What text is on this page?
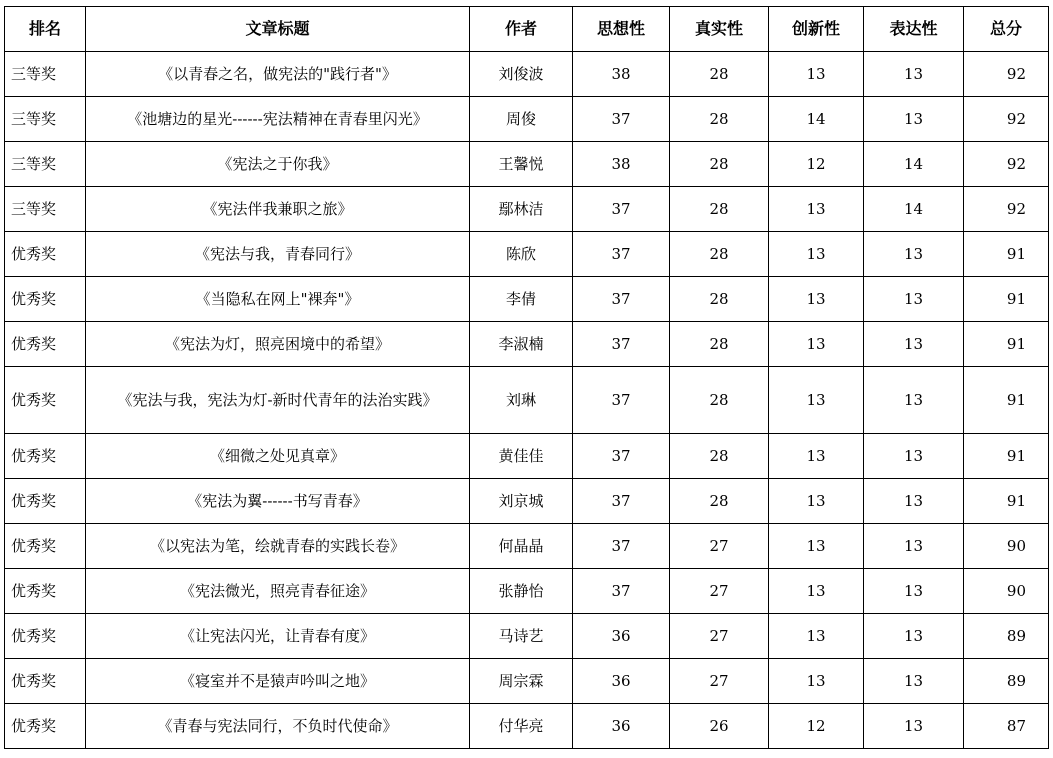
排名	文章标题	作者	思想性	真实性	创新性	表达性	总分
三等奖	《以青春之名，做宪法的"践行者"》	刘俊波	38	28	13	13	92
三等奖	《池塘边的星光------宪法精神在青春里闪光》	周俊	37	28	14	13	92
三等奖	《宪法之于你我》	王馨悦	38	28	12	14	92
三等奖	《宪法伴我兼职之旅》	鄢林洁	37	28	13	14	92
优秀奖	《宪法与我，青春同行》	陈欣	37	28	13	13	91
优秀奖	《当隐私在网上"裸奔"》	李倩	37	28	13	13	91
优秀奖	《宪法为灯，照亮困境中的希望》	李淑楠	37	28	13	13	91
优秀奖	《宪法与我，宪法为灯-新时代青年的法治实践》	刘琳	37	28	13	13	91
优秀奖	《细微之处见真章》	黄佳佳	37	28	13	13	91
优秀奖	《宪法为翼------书写青春》	刘京城	37	28	13	13	91
优秀奖	《以宪法为笔，绘就青春的实践长卷》	何晶晶	37	27	13	13	90
优秀奖	《宪法微光，照亮青春征途》	张静怡	37	27	13	13	90
优秀奖	《让宪法闪光，让青春有度》	马诗艺	36	27	13	13	89
优秀奖	《寝室并不是猿声吟叫之地》	周宗霖	36	27	13	13	89
优秀奖	《青春与宪法同行，不负时代使命》	付华亮	36	26	12	13	87
